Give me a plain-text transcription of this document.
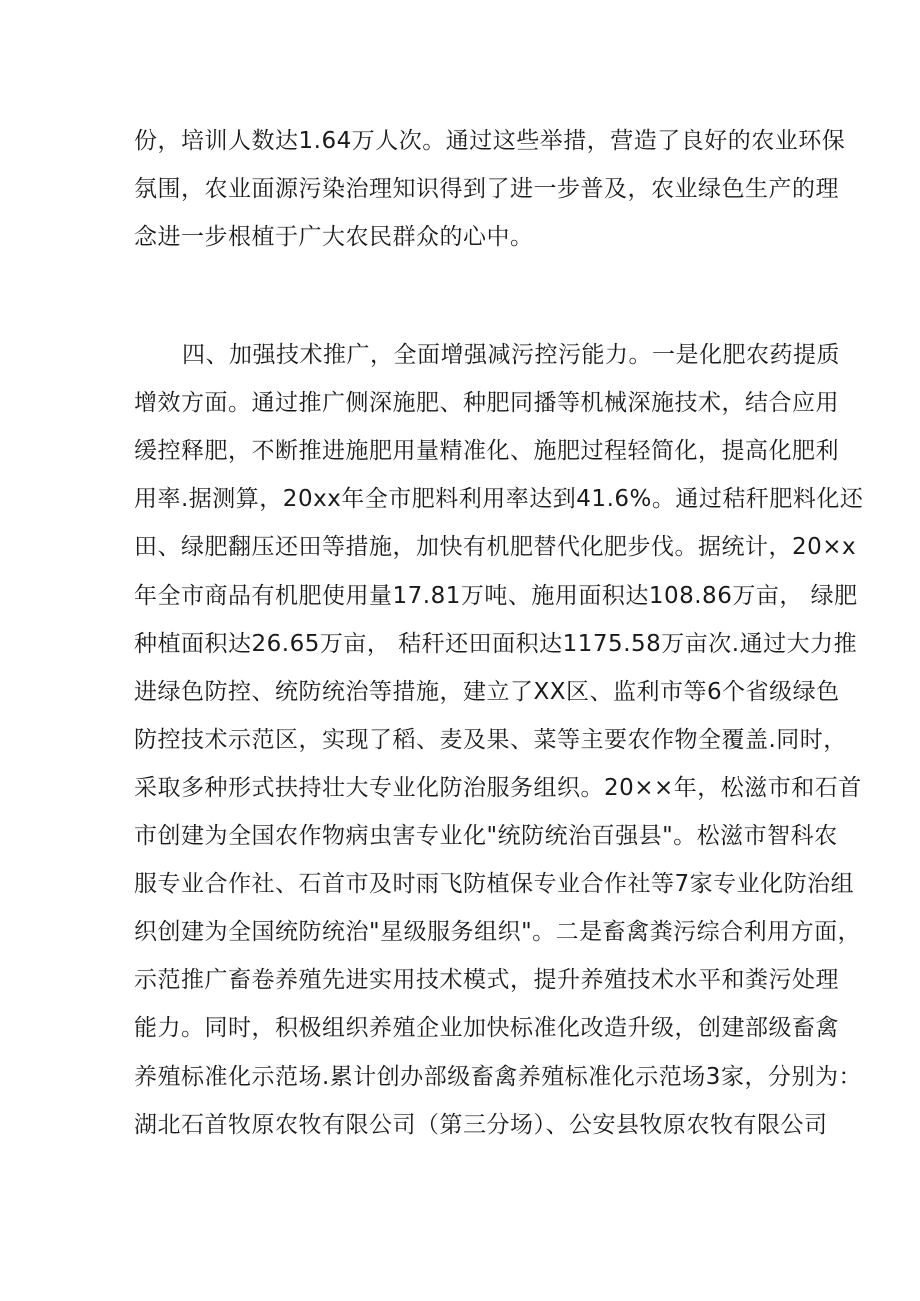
份，培训人数达1.64万人次。通过这些举措，营造了良好的农业环保
氛围，农业面源污染治理知识得到了进一步普及，农业绿色生产的理
念进一步根植于广大农民群众的心中。
四、加强技术推广，全面增强减污控污能力。一是化肥农药提质
增效方面。通过推广侧深施肥、种肥同播等机械深施技术，结合应用
缓控释肥，不断推进施肥用量精准化、施肥过程轻简化，提高化肥利
用率.据测算，20xx年全市肥料利用率达到41.6%。通过秸秆肥料化还
田、绿肥翻压还田等措施，加快有机肥替代化肥步伐。据统计，20×x
年全市商品有机肥使用量17.81万吨、施用面积达108.86万亩， 绿肥
种植面积达26.65万亩， 秸秆还田面积达1175.58万亩次.通过大力推
进绿色防控、统防统治等措施，建立了XX区、监利市等6个省级绿色
防控技术示范区，实现了稻、麦及果、菜等主要农作物全覆盖.同时，
采取多种形式扶持壮大专业化防治服务组织。20××年，松滋市和石首
市创建为全国农作物病虫害专业化"统防统治百强县"。松滋市智科农
服专业合作社、石首市及时雨飞防植保专业合作社等7家专业化防治组
织创建为全国统防统治"星级服务组织"。二是畜禽粪污综合利用方面，
示范推广畜卷养殖先进实用技术模式，提升养殖技术水平和粪污处理
能力。同时，积极组织养殖企业加快标准化改造升级，创建部级畜禽
养殖标准化示范场.累计创办部级畜禽养殖标准化示范场3家，分别为：
湖北石首牧原农牧有限公司（第三分场）、公安县牧原农牧有限公司
